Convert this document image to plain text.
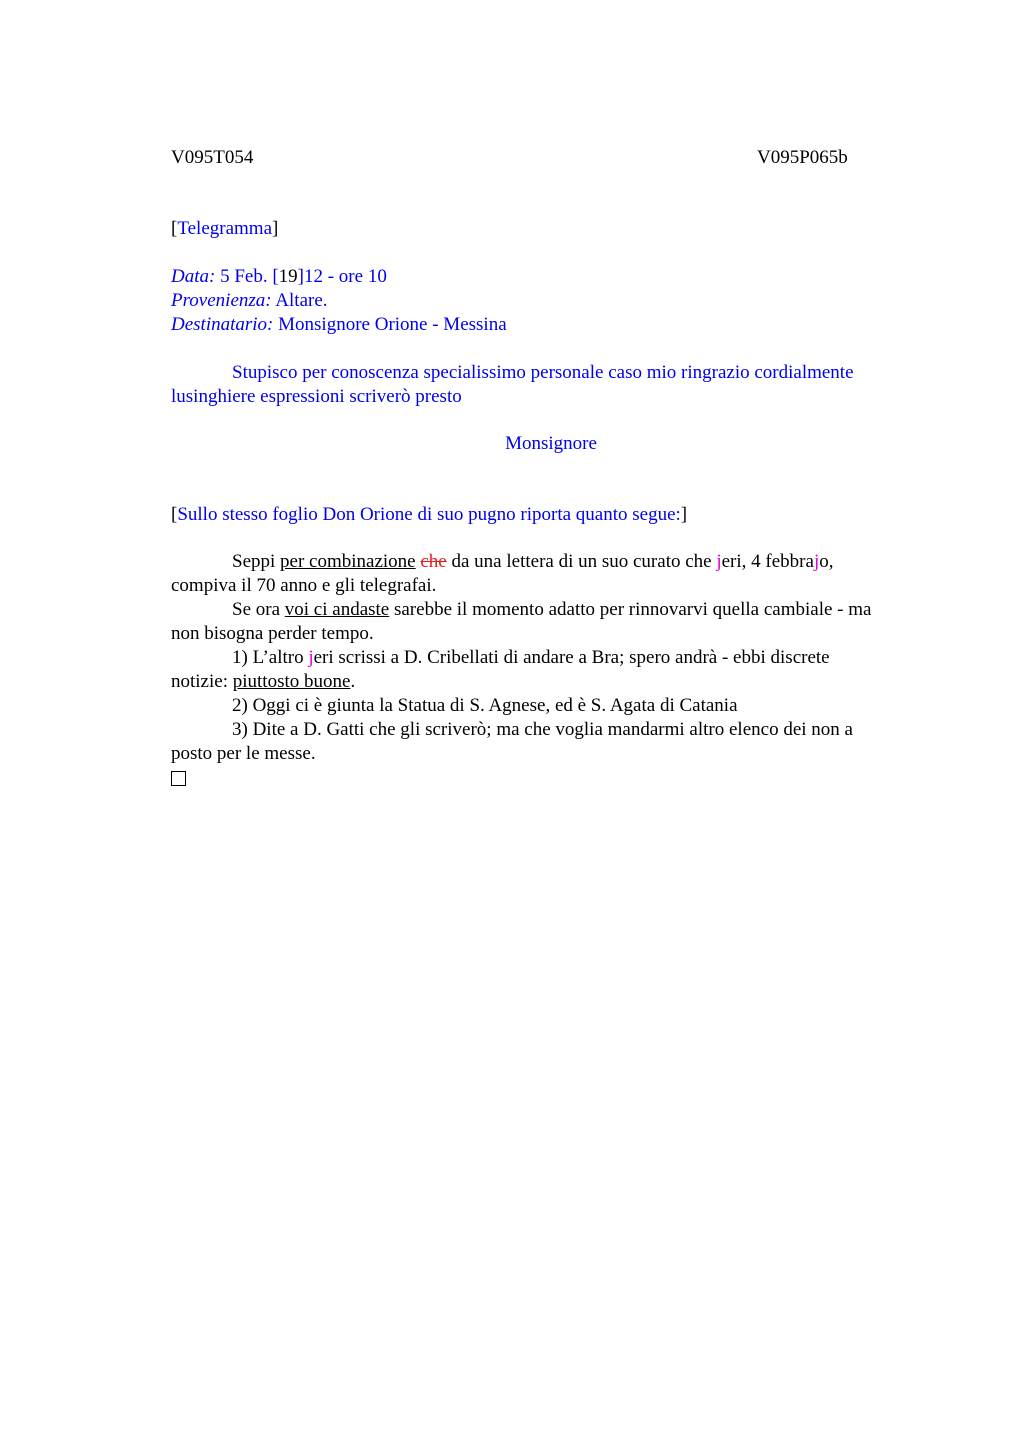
V095T054	V095P065b
[Telegramma]
Data: 5 Feb. [19]12 - ore 10
Provenienza: Altare.
Destinatario: Monsignore Orione - Messina
Stupisco per conoscenza specialissimo personale caso mio ringrazio cordialmente
lusinghiere espressioni scriverò presto
Monsignore
[Sullo stesso foglio Don Orione di suo pugno riporta quanto segue:]
Seppi per combinazione che da una lettera di un suo curato che jeri, 4 febbrajo,
compiva il 70 anno e gli telegrafai.
Se ora voi ci andaste sarebbe il momento adatto per rinnovarvi quella cambiale - ma
non bisogna perder tempo.
1) L’altro jeri scrissi a D. Cribellati di andare a Bra; spero andrà - ebbi discrete
notizie: piuttosto buone.
2) Oggi ci è giunta la Statua di S. Agnese, ed è S. Agata di Catania
3) Dite a D. Gatti che gli scriverò; ma che voglia mandarmi altro elenco dei non a
posto per le messe.
